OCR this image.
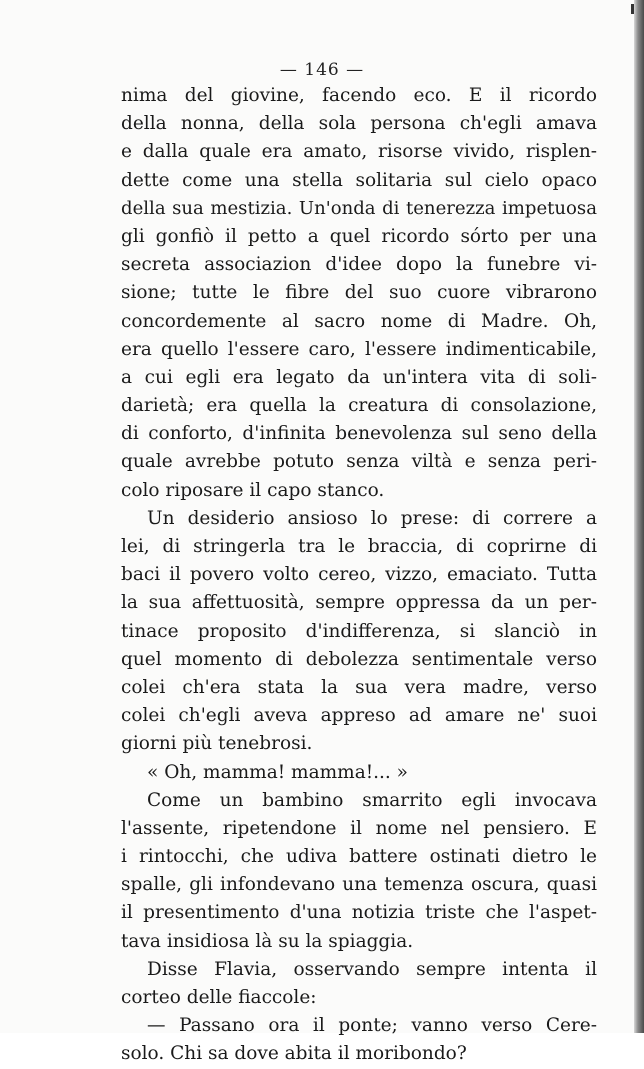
— 146 —
nima del giovine, facendo eco. E il ricordo
della nonna, della sola persona ch'egli amava
e dalla quale era amato, risorse vivido, risplen-
dette come una stella solitaria sul cielo opaco
della sua mestizia. Un'onda di tenerezza impetuosa
gli gonfiò il petto a quel ricordo sórto per una
secreta associazion d'idee dopo la funebre vi-
sione; tutte le fibre del suo cuore vibrarono
concordemente al sacro nome di Madre. Oh,
era quello l'essere caro, l'essere indimenticabile,
a cui egli era legato da un'intera vita di soli-
darietà; era quella la creatura di consolazione,
di conforto, d'infinita benevolenza sul seno della
quale avrebbe potuto senza viltà e senza peri-
colo riposare il capo stanco.
Un desiderio ansioso lo prese: di correre a
lei, di stringerla tra le braccia, di coprirne di
baci il povero volto cereo, vizzo, emaciato. Tutta
la sua affettuosità, sempre oppressa da un per-
tinace proposito d'indifferenza, si slanciò in
quel momento di debolezza sentimentale verso
colei ch'era stata la sua vera madre, verso
colei ch'egli aveva appreso ad amare ne' suoi
giorni più tenebrosi.
« Oh, mamma! mamma!... »
Come un bambino smarrito egli invocava
l'assente, ripetendone il nome nel pensiero. E
i rintocchi, che udiva battere ostinati dietro le
spalle, gli infondevano una temenza oscura, quasi
il presentimento d'una notizia triste che l'aspet-
tava insidiosa là su la spiaggia.
Disse Flavia, osservando sempre intenta il
corteo delle fiaccole:
— Passano ora il ponte; vanno verso Cere-
solo. Chi sa dove abita il moribondo?
